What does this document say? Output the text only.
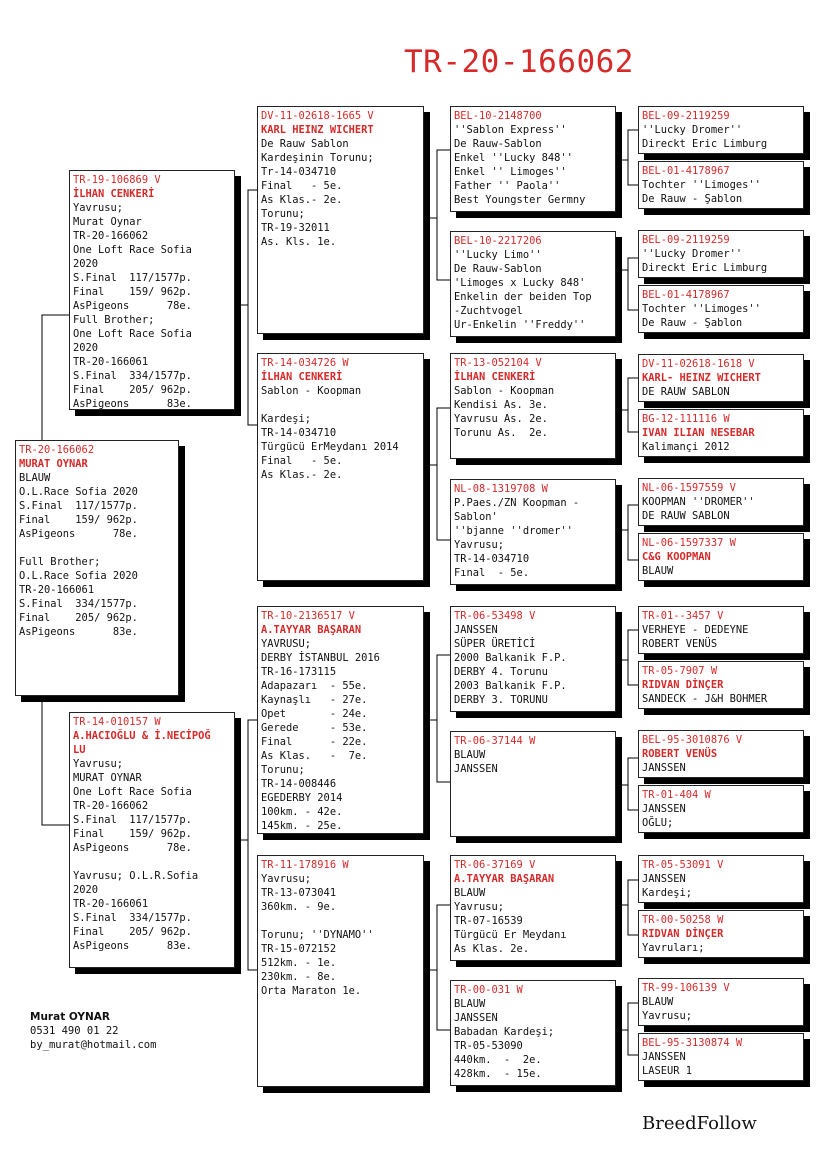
TR-20-166062
TR-20-166062
MURAT OYNAR
BLAUW
O.L.Race Sofia 2020
S.Final  117/1577p.
Final    159/ 962p.
AsPigeons      78e.
Full Brother;
O.L.Race Sofia 2020
TR-20-166061
S.Final  334/1577p.
Final    205/ 962p.
AsPigeons      83e.
TR-19-106869 V
İLHAN CENKERİ
Yavrusu;
Murat Oynar
TR-20-166062
One Loft Race Sofia
2020
S.Final  117/1577p.
Final    159/ 962p.
AsPigeons      78e.
Full Brother;
One Loft Race Sofia
2020
TR-20-166061
S.Final  334/1577p.
Final    205/ 962p.
AsPigeons      83e.
TR-14-010157 W
A.HACIOĞLU & İ.NECİPOĞ
LU
Yavrusu;
MURAT OYNAR
One Loft Race Sofia
TR-20-166062
S.Final  117/1577p.
Final    159/ 962p.
AsPigeons      78e.
Yavrusu; O.L.R.Sofia
2020
TR-20-166061
S.Final  334/1577p.
Final    205/ 962p.
AsPigeons      83e.
DV-11-02618-1665 V
KARL HEINZ WICHERT
De Rauw Sablon
Kardeşinin Torunu;
Tr-14-034710
Final   - 5e.
As Klas.- 2e.
Torunu;
TR-19-32011
As. Kls. 1e.
TR-14-034726 W
İLHAN CENKERİ
Sablon - Koopman
Kardeşi;
TR-14-034710
Türgücü ErMeydanı 2014
Final   - 5e.
As Klas.- 2e.
TR-10-2136517 V
A.TAYYAR BAŞARAN
YAVRUSU;
DERBY İSTANBUL 2016
TR-16-173115
Adapazarı  - 55e.
Kaynaşlı   - 27e.
Opet       - 24e.
Gerede     - 53e.
Final      - 22e.
As Klas.   -  7e.
Torunu;
TR-14-008446
EGEDERBY 2014
100km. - 42e.
145km. - 25e.
TR-11-178916 W
Yavrusu;
TR-13-073041
360km. - 9e.
Torunu; ''DYNAMO''
TR-15-072152
512km. - 1e.
230km. - 8e.
Orta Maraton 1e.
BEL-10-2148700
''Sablon Express''
De Rauw-Sablon
Enkel ''Lucky 848''
Enkel '' Limoges''
Father '' Paola''
Best Youngster Germny
BEL-10-2217206
''Lucky Limo''
De Rauw-Sablon
'Limoges x Lucky 848'
Enkelin der beiden Top
-Zuchtvogel
Ur-Enkelin ''Freddy''
TR-13-052104 V
İLHAN CENKERİ
Sablon - Koopman
Kendisi As. 3e.
Yavrusu As. 2e.
Torunu As.  2e.
NL-08-1319708 W
P.Paes./ZN Koopman -
Sablon'
''bjanne ''dromer''
Yavrusu;
TR-14-034710
Fınal  - 5e.
TR-06-53498 V
JANSSEN
SÜPER ÜRETİCİ
2000 Balkanik F.P.
DERBY 4. Torunu
2003 Balkanik F.P.
DERBY 3. TORUNU
TR-06-37144 W
BLAUW
JANSSEN
TR-06-37169 V
A.TAYYAR BAŞARAN
BLAUW
Yavrusu;
TR-07-16539
Türgücü Er Meydanı
As Klas. 2e.
TR-00-031 W
BLAUW
JANSSEN
Babadan Kardeşi;
TR-05-53090
440km.  -  2e.
428km.  - 15e.
BEL-09-2119259
''Lucky Dromer''
Direckt Eric Limburg
BEL-01-4178967
Tochter ''Limoges''
De Rauw - Şablon
BEL-09-2119259
''Lucky Dromer''
Direckt Eric Limburg
BEL-01-4178967
Tochter ''Limoges''
De Rauw - Şablon
DV-11-02618-1618 V
KARL- HEINZ WICHERT
DE RAUW SABLON
BG-12-111116 W
IVAN ILIAN NESEBAR
Kalimançi 2012
NL-06-1597559 V
KOOPMAN ''DROMER''
DE RAUW SABLON
NL-06-1597337 W
C&G KOOPMAN
BLAUW
TR-01--3457 V
VERHEYE - DEDEYNE
ROBERT VENÜS
TR-05-7907 W
RIDVAN DİNÇER
SANDECK - J&H BOHMER
BEL-95-3010876 V
ROBERT VENÜS
JANSSEN
TR-01-404 W
JANSSEN
OĞLU;
TR-05-53091 V
JANSSEN
Kardeşi;
TR-00-50258 W
RIDVAN DİNÇER
Yavruları;
TR-99-106139 V
BLAUW
Yavrusu;
BEL-95-3130874 W
JANSSEN
LASEUR 1
Murat OYNAR
0531 490 01 22
by_murat@hotmail.com
BreedFollow
